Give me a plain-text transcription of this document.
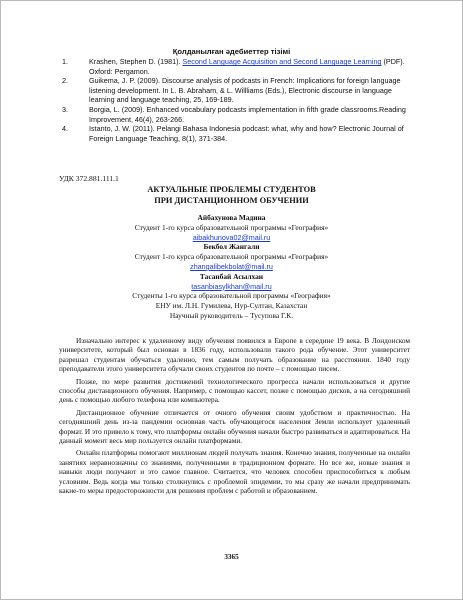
Қолданылған әдебиеттер тізімі
1.	Krashen, Stephen D. (1981). Second Language Acquisition and Second Language Learning (PDF). Oxford: Pergamon.
2.	Guikema, J. P. (2009). Discourse analysis of podcasts in French: Implications for foreign language listening development. In L. B. Abraham, & L. Willliams (Eds.), Electronic discourse in language learning and language teaching, 25, 169-189.
3.	Borgia, L. (2009). Enhanced vocabulary podcasts implementation in fifth grade classrooms.Reading Improvement, 46(4), 263-266.
4.	Istanto, J. W. (2011). Pelangi Bahasa Indonesia podcast: what, why and how? Electronic Journal of Foreign Language Teaching, 8(1), 371-384.
УДК 372.881.111.1
АКТУАЛЬНЫЕ ПРОБЛЕМЫ СТУДЕНТОВ
ПРИ ДИСТАНЦИОННОМ ОБУЧЕНИИ
Айбахунова Мадина
Студент 1-го курса образовательной программы «География»
aibakhunova02@mail.ru
Бекбол Жангали
Студент 1-го курса образовательной программы «География»
zhangalibekbolat@mail.ru
Тасанбай Асылхан
tasanbiasylkhan@mail.ru
Студенты 1-го курса образовательной программы «География»
ЕНУ им. Л.Н. Гумилева, Нур-Султан, Казахстан
Научный руководитель – Тусупова Г.К.

Изначально интерес к удаленному виду обучения появился в Европе в середине 19 века. В Лондонском университете, который был основан в 1836 году, использовали такого рода обучение. Этот университет разрешал студентам обучаться удаленно, тем самым получать образование на расстоянии. 1840 году преподаватели этого университета обучали своих студентов по почте – с помощью писем.

Позже, по мере развития достижений технологического прогресса начали использоваться и другие способы дистанционного обучения. Например, с помощью кассет, позже с помощью дисков, а на сегодняшний день с помощью любого телефона или компьютера.

Дистанционное обучение отличается от очного обучения своим удобством и практичностью. На сегодняшний день из-за пандемии основная часть обучающегося населения Земли использует удаленный формат. И это привело к тому, что платформы онлайн обучения начали быстро развиваться и адаптироваться. На данный момент весь мир пользуется онлайн платформами.

Онлайн платформы помогают миллионам людей получать знания. Конечно знания, полученные на онлайн занятиях неравнозначны со знаниями, полученными в традиционном формате. Но все же, новые знания и навыки люди получают и это самое главное. Считается, что человек способен приспособиться к любым условиям. Ведь когда мы только столкнулись с проблемой эпидемии, то мы сразу же начали предпринимать какие-то меры предосторожности для решения проблем с работой и образованием.

3365
